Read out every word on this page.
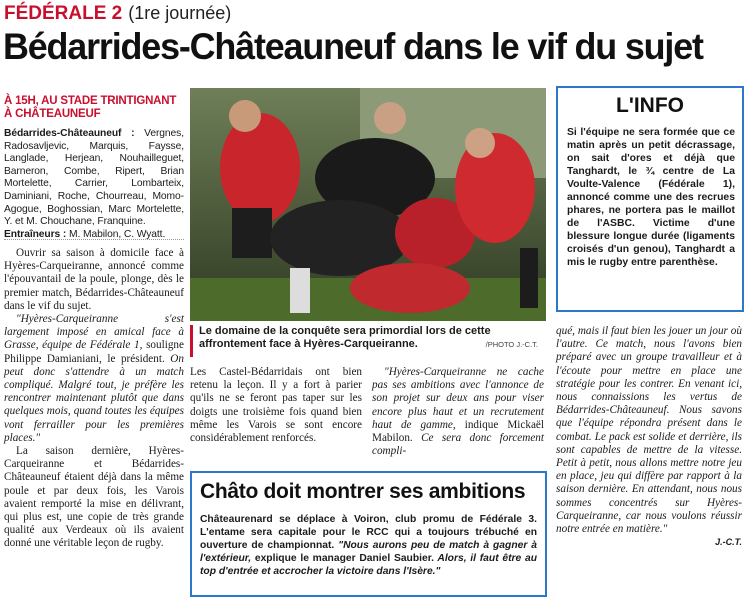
FÉDÉRALE 2 (1re journée)
Bédarrides-Châteauneuf dans le vif du sujet
À 15H, AU STADE TRINTIGNANT À CHÂTEAUNEUF
Bédarrides-Châteauneuf : Vergnes, Radosavljevic, Marquis, Faysse, Langlade, Herjean, Nouhailleguet, Barneron, Combe, Ripert, Brian Mortelette, Carrier, Lombarteix, Daminiani, Roche, Chourreau, Momo-Agogue, Boghossian, Marc Mortelette, Y. et M. Chouchane, Franquine.
Entraîneurs : M. Mabilon, C. Wyatt.

Ouvrir sa saison à domicile face à Hyères-Carqueiranne, annoncé comme l'épouvantail de la poule, plonge, dès le premier match, Bédarrides-Châteauneuf dans le vif du sujet.

"Hyères-Carqueiranne s'est largement imposé en amical face à Grasse, équipe de Fédérale 1, souligne Philippe Damianiani, le président. On peut donc s'attendre à un match compliqué. Malgré tout, je préfère les rencontrer maintenant plutôt que dans quelques mois, quand toutes les équipes vont ferrailler pour les premières places."

La saison dernière, Hyères-Carqueiranne et Bédarrides-Châteauneuf étaient déjà dans la même poule et par deux fois, les Varois avaient remporté la mise en délivrant, qui plus est, une copie de très grande qualité aux Verdeaux où ils avaient donné une véritable leçon de rugby.

Le domaine de la conquête sera primordial lors de cette affrontement face à Hyères-Carqueiranne.	/PHOTO J.-C.T.

Les Castel-Bédarridais ont bien retenu la leçon. Il y a fort à parier qu'ils ne se feront pas taper sur les doigts une troisième fois quand bien même les Varois se sont encore considérablement renforcés.

"Hyères-Carqueiranne ne cache pas ses ambitions avec l'annonce de son projet sur deux ans pour viser encore plus haut et un recrutement haut de gamme, indique Mickaël Mabilon. Ce sera donc forcement compli-

L'INFO
Si l'équipe ne sera formée que ce matin après un petit décrassage, on sait d'ores et déjà que Tanghardt, le ¾ centre de La Voulte-Valence (Fédérale 1), annoncé comme une des recrues phares, ne portera pas le maillot de l'ASBC. Victime d'une blessure longue durée (ligaments croisés d'un genou), Tanghardt a mis le rugby entre parenthèse.

qué, mais il faut bien les jouer un jour où l'autre. Ce match, nous l'avons bien préparé avec un groupe travailleur et à l'écoute pour mettre en place une stratégie pour les contrer. En venant ici, nous connaissions les vertus de Bédarrides-Châteauneuf. Nous savons que l'équipe répondra présent dans le combat. Le pack est solide et derrière, ils sont capables de mettre de la vitesse. Petit à petit, nous allons mettre notre jeu en place, jeu qui diffère par rapport à la saison dernière. En attendant, nous nous sommes concentrés sur Hyères-Carqueiranne, car nous voulons réussir notre entrée en matière."

J.-C.T.
Châto doit montrer ses ambitions
Châteaurenard se déplace à Voiron, club promu de Fédérale 3. L'entame sera capitale pour le RCC qui a toujours trébuché en ouverture de championnat. "Nous aurons peu de match à gagner à l'extérieur, explique le manager Daniel Saubier. Alors, il faut être au top d'entrée et accrocher la victoire dans l'Isère."
